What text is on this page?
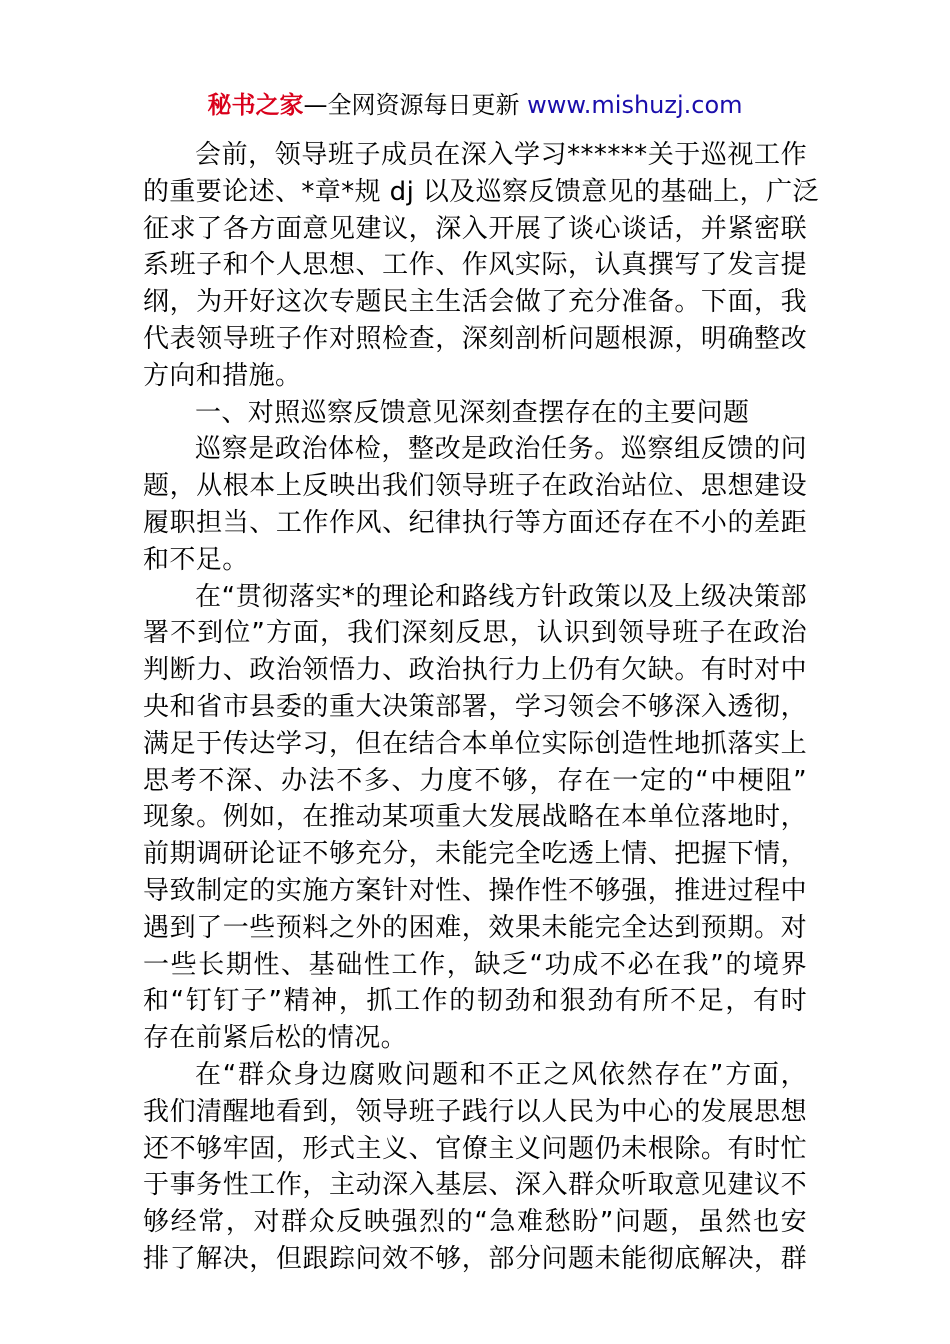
秘书之家—全网资源每日更新 www.mishuzj.com
会前，领导班子成员在深入学习******关于巡视工作
的重要论述、*章*规 dj 以及巡察反馈意见的基础上，广泛
征求了各方面意见建议，深入开展了谈心谈话，并紧密联
系班子和个人思想、工作、作风实际，认真撰写了发言提
纲，为开好这次专题民主生活会做了充分准备。下面，我
代表领导班子作对照检查，深刻剖析问题根源，明确整改
方向和措施。
一、对照巡察反馈意见深刻查摆存在的主要问题
巡察是政治体检，整改是政治任务。巡察组反馈的问
题，从根本上反映出我们领导班子在政治站位、思想建设
履职担当、工作作风、纪律执行等方面还存在不小的差距
和不足。
在“贯彻落实*的理论和路线方针政策以及上级决策部
署不到位”方面，我们深刻反思，认识到领导班子在政治
判断力、政治领悟力、政治执行力上仍有欠缺。有时对中
央和省市县委的重大决策部署，学习领会不够深入透彻，
满足于传达学习，但在结合本单位实际创造性地抓落实上
思考不深、办法不多、力度不够，存在一定的“中梗阻”
现象。例如，在推动某项重大发展战略在本单位落地时，
前期调研论证不够充分，未能完全吃透上情、把握下情，
导致制定的实施方案针对性、操作性不够强，推进过程中
遇到了一些预料之外的困难，效果未能完全达到预期。对
一些长期性、基础性工作，缺乏“功成不必在我”的境界
和“钉钉子”精神，抓工作的韧劲和狠劲有所不足，有时
存在前紧后松的情况。
在“群众身边腐败问题和不正之风依然存在”方面，
我们清醒地看到，领导班子践行以人民为中心的发展思想
还不够牢固，形式主义、官僚主义问题仍未根除。有时忙
于事务性工作，主动深入基层、深入群众听取意见建议不
够经常，对群众反映强烈的“急难愁盼”问题，虽然也安
排了解决，但跟踪问效不够，部分问题未能彻底解决，群
